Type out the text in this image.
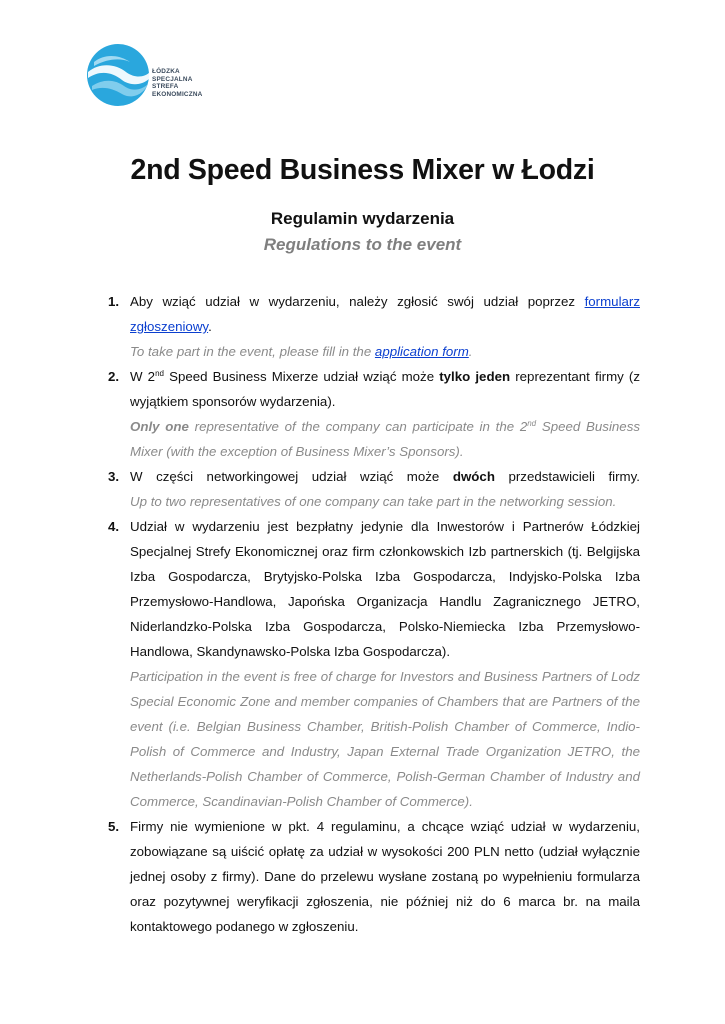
ŁÓDZKA
SPECJALNA
STREFA
EKONOMICZNA
2nd Speed Business Mixer w Łodzi
Regulamin wydarzenia
Regulations to the event
1. Aby wziąć udział w wydarzeniu, należy zgłosić swój udział poprzez formularz zgłoszeniowy.
To take part in the event, please fill in the application form.
2. W 2nd Speed Business Mixerze udział wziąć może tylko jeden reprezentant firmy (z wyjątkiem sponsorów wydarzenia).
Only one representative of the company can participate in the 2nd Speed Business Mixer (with the exception of Business Mixer’s Sponsors).
3. W części networkingowej udział wziąć może dwóch przedstawicieli firmy.
Up to two representatives of one company can take part in the networking session.
4. Udział w wydarzeniu jest bezpłatny jedynie dla Inwestorów i Partnerów Łódzkiej Specjalnej Strefy Ekonomicznej oraz firm członkowskich Izb partnerskich (tj. Belgijska Izba Gospodarcza, Brytyjsko-Polska Izba Gospodarcza, Indyjsko-Polska Izba Przemysłowo-Handlowa, Japońska Organizacja Handlu Zagranicznego JETRO, Niderlandzko-Polska Izba Gospodarcza, Polsko-Niemiecka Izba Przemysłowo-Handlowa, Skandynawsko-Polska Izba Gospodarcza).
Participation in the event is free of charge for Investors and Business Partners of Lodz Special Economic Zone and member companies of Chambers that are Partners of the event (i.e. Belgian Business Chamber, British-Polish Chamber of Commerce, Indio-Polish of Commerce and Industry, Japan External Trade Organization JETRO, the Netherlands-Polish Chamber of Commerce, Polish-German Chamber of Industry and Commerce, Scandinavian-Polish Chamber of Commerce).
5. Firmy nie wymienione w pkt. 4 regulaminu, a chcące wziąć udział w wydarzeniu, zobowiązane są uiścić opłatę za udział w wysokości 200 PLN netto (udział wyłącznie jednej osoby z firmy). Dane do przelewu wysłane zostaną po wypełnieniu formularza oraz pozytywnej weryfikacji zgłoszenia, nie później niż do 6 marca br. na maila kontaktowego podanego w zgłoszeniu.
